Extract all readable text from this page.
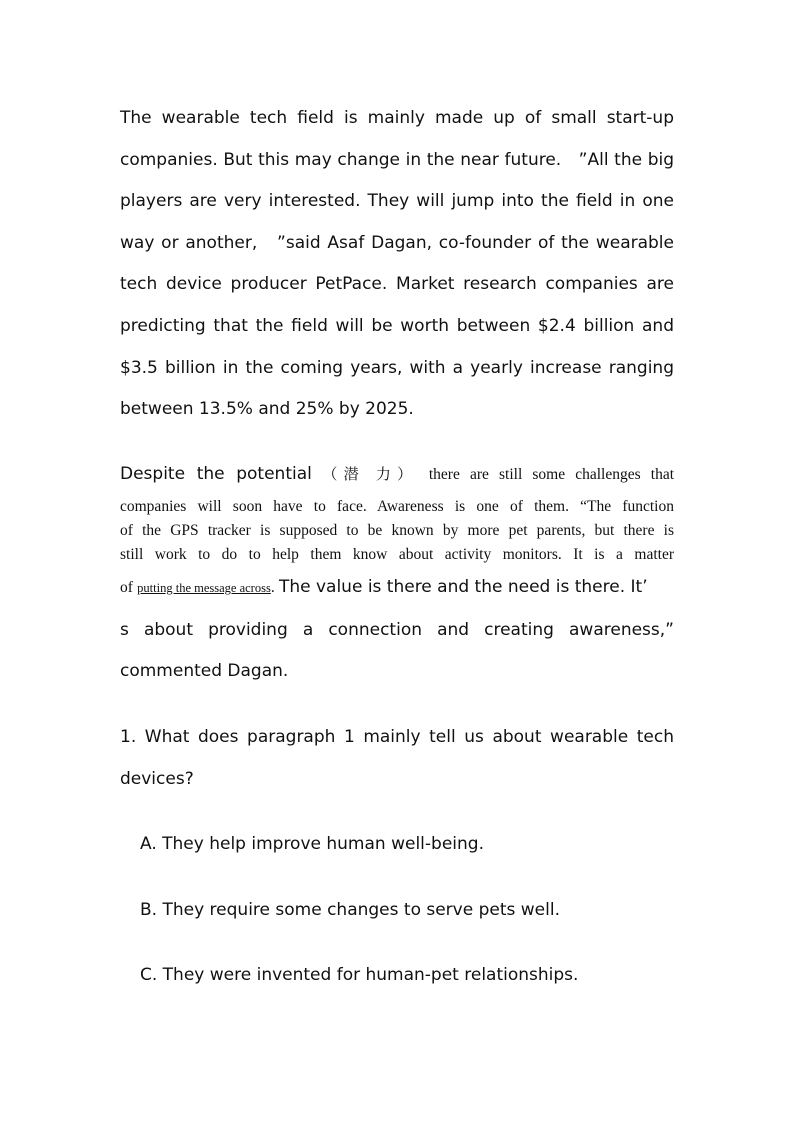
The wearable tech field is mainly made up of small start-up
companies. But this may change in the near future.　”All the big
players are very interested. They will jump into the field in one
way or another,　”said Asaf Dagan, co-founder of the wearable
tech device producer PetPace. Market research companies are
predicting that the field will be worth between $2.4 billion and
$3.5 billion in the coming years, with a yearly increase ranging
between 13.5% and 25% by 2025.
Despite the potential （潜 力） there are still some challenges that
companies will soon have to face. Awareness is one of them. “The function
of the GPS tracker is supposed to be known by more pet parents, but there is
still work to do to help them know about activity monitors. It is a matter
of putting the message across. The value is there and the need is there. It’
s about providing a connection and creating awareness,”
commented Dagan.
1. What does paragraph 1 mainly tell us about wearable tech
devices?
A. They help improve human well-being.
B. They require some changes to serve pets well.
C. They were invented for human-pet relationships.
